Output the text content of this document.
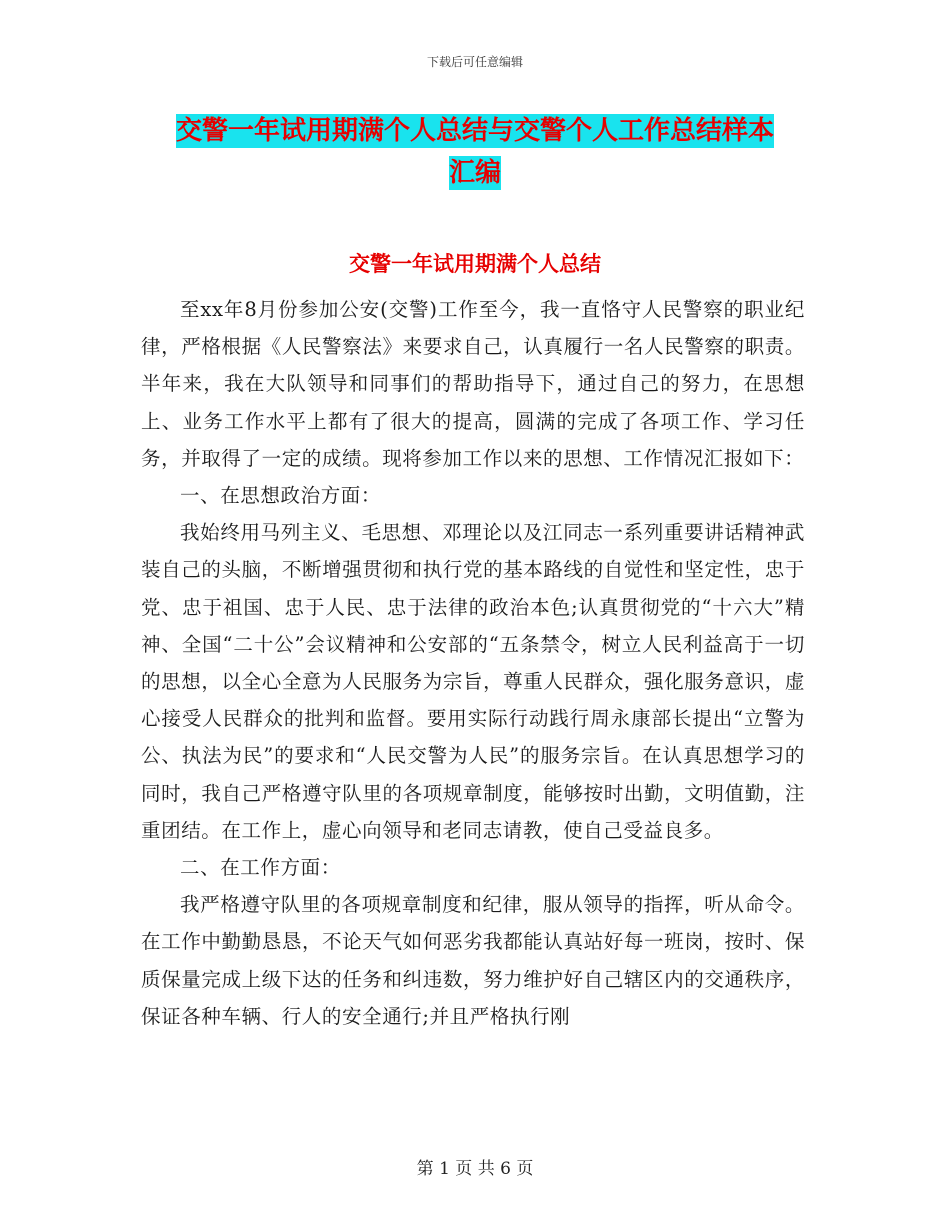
下载后可任意编辑
交警一年试用期满个人总结与交警个人工作总结样本
汇编
交警一年试用期满个人总结

至xx年8月份参加公安(交警)工作至今，我一直恪守人民警察的职业纪律，严格根据《人民警察法》来要求自己，认真履行一名人民警察的职责。半年来，我在大队领导和同事们的帮助指导下，通过自己的努力，在思想上、业务工作水平上都有了很大的提高，圆满的完成了各项工作、学习任务，并取得了一定的成绩。现将参加工作以来的思想、工作情况汇报如下：

一、在思想政治方面：

我始终用马列主义、毛思想、邓理论以及江同志一系列重要讲话精神武装自己的头脑，不断增强贯彻和执行党的基本路线的自觉性和坚定性，忠于党、忠于祖国、忠于人民、忠于法律的政治本色;认真贯彻党的“十六大”精神、全国“二十公”会议精神和公安部的“五条禁令，树立人民利益高于一切的思想，以全心全意为人民服务为宗旨，尊重人民群众，强化服务意识，虚心接受人民群众的批判和监督。要用实际行动践行周永康部长提出“立警为公、执法为民”的要求和“人民交警为人民”的服务宗旨。在认真思想学习的同时，我自己严格遵守队里的各项规章制度，能够按时出勤，文明值勤，注重团结。在工作上，虚心向领导和老同志请教，使自己受益良多。

二、在工作方面：

我严格遵守队里的各项规章制度和纪律，服从领导的指挥，听从命令。在工作中勤勤恳恳，不论天气如何恶劣我都能认真站好每一班岗，按时、保质保量完成上级下达的任务和纠违数，努力维护好自己辖区内的交通秩序，保证各种车辆、行人的安全通行;并且严格执行刚

第 1 页 共 6 页
